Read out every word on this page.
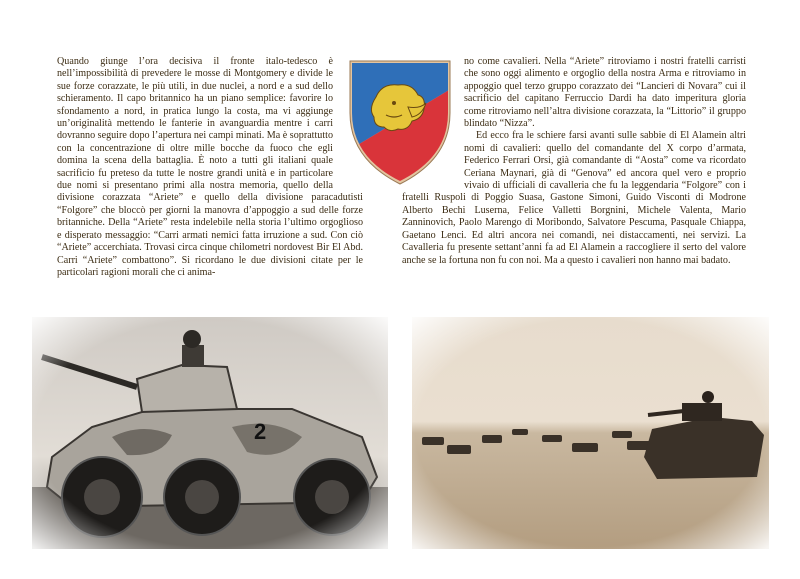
Quando giunge l’ora decisiva il fronte italo-tedesco è nell’impossibilità di prevedere le mosse di Montgomery e divide le sue forze corazzate, le più utili, in due nuclei, a nord e a sud dello schieramento. Il capo britannico ha un piano semplice: favorire lo sfondamento a nord, in pratica lungo la costa, ma vi aggiunge un’originalità mettendo le fanterie in avanguardia mentre i carri dovranno seguire dopo l’apertura nei campi minati. Ma è soprattutto con la concentrazione di oltre mille bocche da fuoco che egli domina la scena della battaglia. È noto a tutti gli italiani quale sacrificio fu preteso da tutte le nostre grandi unità e in particolare due nomi si presentano primi alla nostra memoria, quello della divisione corazzata “Ariete” e quello della divisione paracadutisti “Folgore” che bloccò per giorni la manovra d’appoggio a sud delle forze britanniche. Della “Ariete” resta indelebile nella storia l’ultimo orgoglioso e disperato messaggio: “Carri armati nemici fatta irruzione a sud. Con ciò “Ariete” accerchiata. Trovasi circa cinque chilometri nordovest Bir El Abd. Carri “Ariete” combattono”. Si ricordano le due divisioni citate per le particolari ragioni morali che ci anima-

no come cavalieri. Nella “Ariete” ritroviamo i nostri fratelli carristi che sono oggi alimento e orgoglio della nostra Arma e ritroviamo in appoggio quel terzo gruppo corazzato dei “Lancieri di Novara” cui il sacrificio del capitano Ferruccio Dardi ha dato imperitura gloria come ritroviamo nell’altra divisione corazzata, la “Littorio” il gruppo blindato “Nizza”.

Ed ecco fra le schiere farsi avanti sulle sabbie di El Alamein altri nomi di cavalieri: quello del comandante del X corpo d’armata, Federico Ferrari Orsi, già comandante di “Aosta” come va ricordato Ceriana Maynari, già di “Genova” ed ancora quel vero e proprio vivaio di ufficiali di cavalleria che fu la leggendaria “Folgore” con i fratelli Ruspoli di Poggio Suasa, Gastone Simoni, Guido Visconti di Modrone Alberto Bechi Luserna, Felice Valletti Borgnini, Michele Valenta, Mario Zanninovich, Paolo Marengo di Moribondo, Salvatore Pescuma, Pasquale Chiappa, Gaetano Lenci. Ed altri ancora nei comandi, nei distaccamenti, nei servizi. La Cavalleria fu presente settant’anni fa ad El Alamein a raccogliere il serto del valore anche se la fortuna non fu con noi. Ma a questo i cavalieri non hanno mai badato.
